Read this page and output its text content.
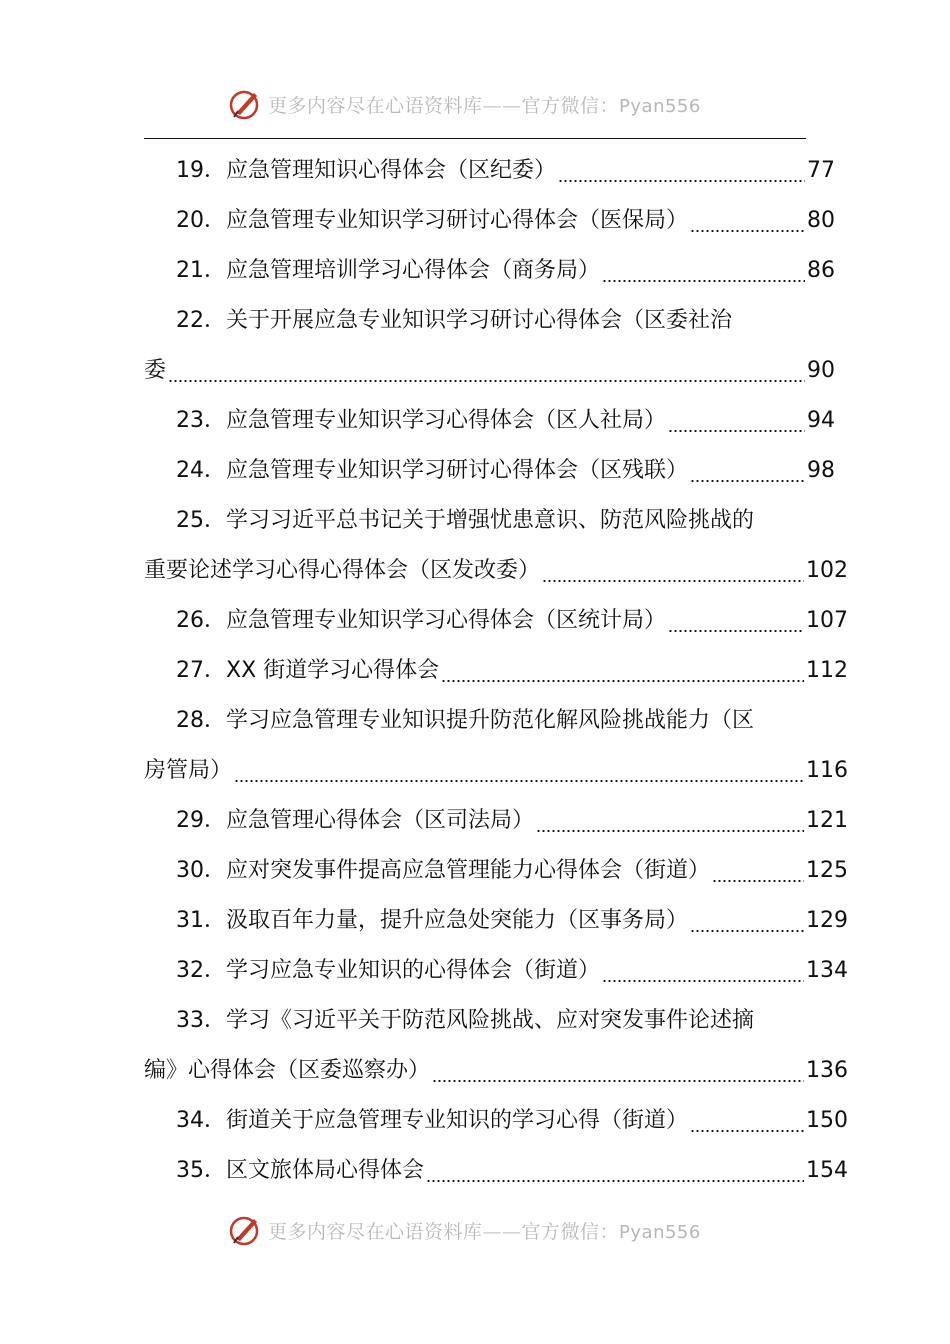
更多内容尽在心语资料库——官方微信：Pyan556
19． 应急管理知识心得体会（区纪委）	77
20． 应急管理专业知识学习研讨心得体会（医保局）	80
21． 应急管理培训学习心得体会（商务局）	86
22．关于开展应急专业知识学习研讨心得体会（区委社治
委	90
23． 应急管理专业知识学习心得体会（区人社局）	94
24． 应急管理专业知识学习研讨心得体会（区残联）	98
25．学习习近平总书记关于增强忧患意识、防范风险挑战的
重要论述学习心得心得体会（区发改委）	102
26． 应急管理专业知识学习心得体会（区统计局）	107
27． XX 街道学习心得体会	112
28．学习应急管理专业知识提升防范化解风险挑战能力（区
房管局）	116
29． 应急管理心得体会（区司法局）	121
30． 应对突发事件提高应急管理能力心得体会（街道）	125
31． 汲取百年力量，提升应急处突能力（区事务局）	129
32． 学习应急专业知识的心得体会（街道）	134
33．学习《习近平关于防范风险挑战、应对突发事件论述摘
编》心得体会（区委巡察办）	136
34． 街道关于应急管理专业知识的学习心得（街道）	150
35． 区文旅体局心得体会	154
更多内容尽在心语资料库——官方微信：Pyan556
